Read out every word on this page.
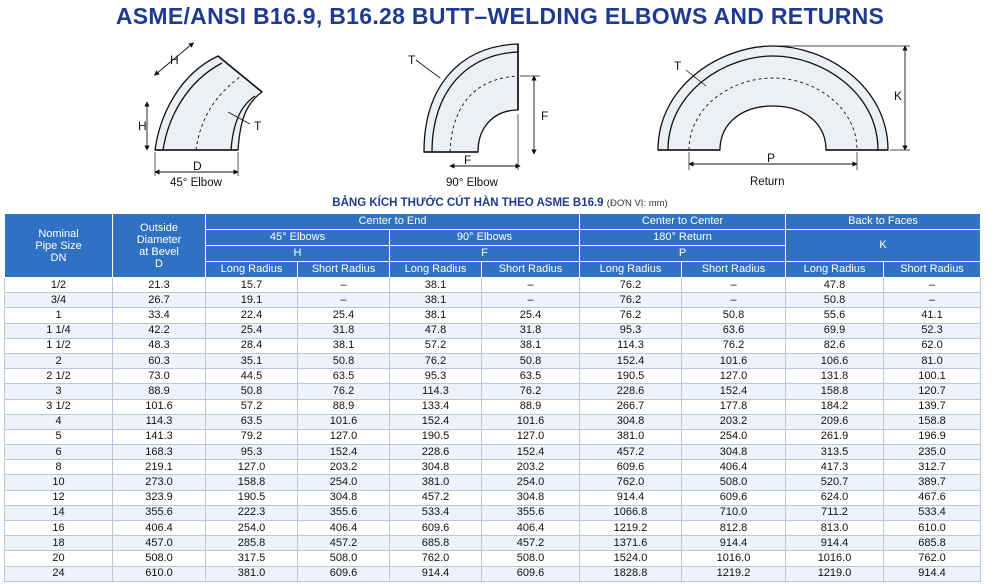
ASME/ANSI B16.9, B16.28 BUTT–WELDING ELBOWS AND RETURNS
H
H	T
D
T
F
F
T
K
P
45° Elbow	90° Elbow	Return
BẢNG KÍCH THƯỚC CÚT HÀN THEO ASME B16.9 (ĐƠN VỊ: mm)
Nominal
Pipe Size
DN	Outside
Diameter
at Bevel
D	Center to End				Center to Center		Back to Faces	
		45° Elbows		90° Elbows		180° Return		K	
		H		F		P			
		Long Radius	Short Radius	Long Radius	Short Radius	Long Radius	Short Radius	Long Radius	Short Radius
1/2	21.3	15.7	–	38.1	–	76.2	–	47.8	–
3/4	26.7	19.1	–	38.1	–	76.2	–	50.8	–
1	33.4	22.4	25.4	38.1	25.4	76.2	50.8	55.6	41.1
1 1/4	42.2	25.4	31.8	47.8	31.8	95.3	63.6	69.9	52.3
1 1/2	48.3	28.4	38.1	57.2	38.1	114.3	76.2	82.6	62.0
2	60.3	35.1	50.8	76.2	50.8	152.4	101.6	106.6	81.0
2 1/2	73.0	44.5	63.5	95.3	63.5	190.5	127.0	131.8	100.1
3	88.9	50.8	76.2	114.3	76.2	228.6	152.4	158.8	120.7
3 1/2	101.6	57.2	88.9	133.4	88.9	266.7	177.8	184.2	139.7
4	114.3	63.5	101.6	152.4	101.6	304.8	203.2	209.6	158.8
5	141.3	79.2	127.0	190.5	127.0	381.0	254.0	261.9	196.9
6	168.3	95.3	152.4	228.6	152.4	457.2	304.8	313.5	235.0
8	219.1	127.0	203.2	304.8	203.2	609.6	406.4	417.3	312.7
10	273.0	158.8	254.0	381.0	254.0	762.0	508.0	520.7	389.7
12	323.9	190.5	304.8	457.2	304.8	914.4	609.6	624.0	467.6
14	355.6	222.3	355.6	533.4	355.6	1066.8	710.0	711.2	533.4
16	406.4	254.0	406.4	609.6	406.4	1219.2	812.8	813.0	610.0
18	457.0	285.8	457.2	685.8	457.2	1371.6	914.4	914.4	685.8
20	508.0	317.5	508.0	762.0	508.0	1524.0	1016.0	1016.0	762.0
24	610.0	381.0	609.6	914.4	609.6	1828.8	1219.2	1219.0	914.4
